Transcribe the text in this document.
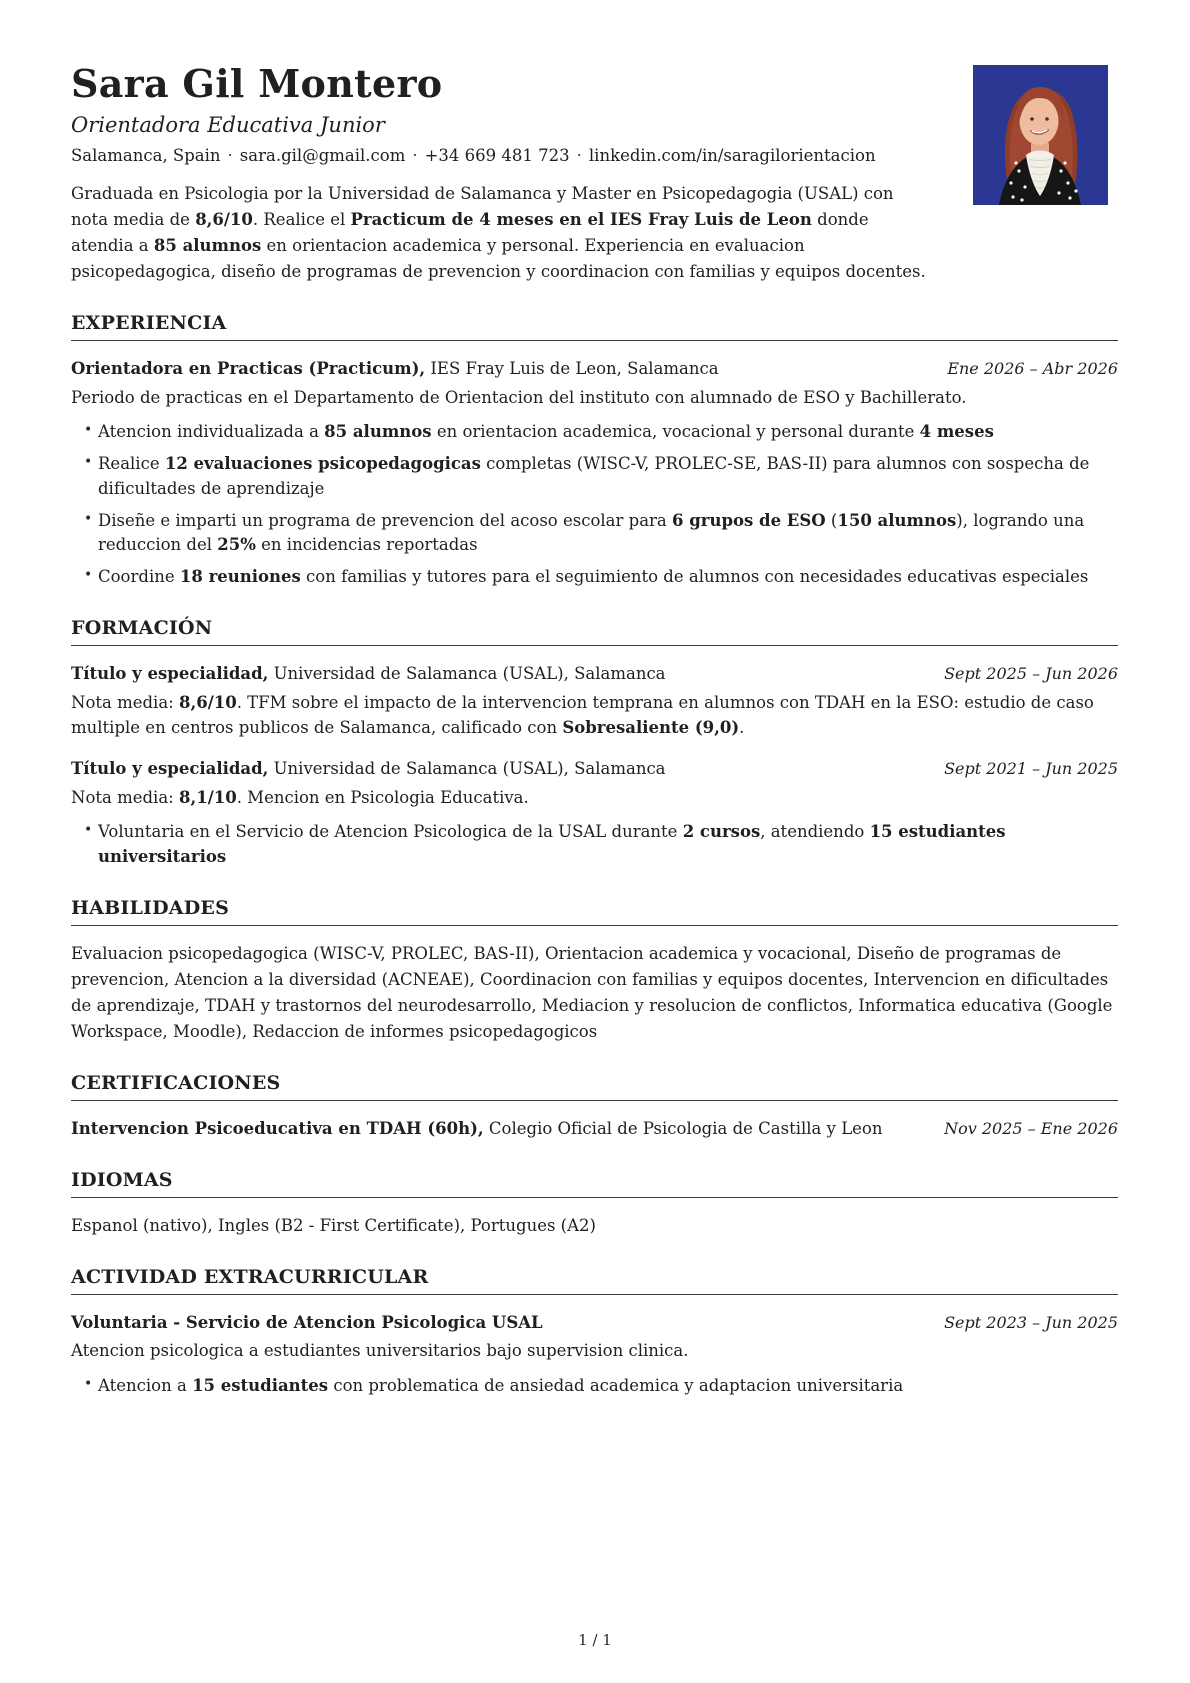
Sara Gil Montero
Orientadora Educativa Junior
Salamanca, Spain · sara.gil@gmail.com · +34 669 481 723 · linkedin.com/in/saragilorientacion

Graduada en Psicologia por la Universidad de Salamanca y Master en Psicopedagogia (USAL) con nota media de 8,6/10. Realice el Practicum de 4 meses en el IES Fray Luis de Leon donde atendia a 85 alumnos en orientacion academica y personal. Experiencia en evaluacion psicopedagogica, diseño de programas de prevencion y coordinacion con familias y equipos docentes.

EXPERIENCIA
Orientadora en Practicas (Practicum), IES Fray Luis de Leon, Salamanca	Ene 2026 – Abr 2026

Periodo de practicas en el Departamento de Orientacion del instituto con alumnado de ESO y Bachillerato.

• Atencion individualizada a 85 alumnos en orientacion academica, vocacional y personal durante 4 meses
• Realice 12 evaluaciones psicopedagogicas completas (WISC-V, PROLEC-SE, BAS-II) para alumnos con sospecha de dificultades de aprendizaje
• Diseñe e imparti un programa de prevencion del acoso escolar para 6 grupos de ESO (150 alumnos), logrando una reduccion del 25% en incidencias reportadas
• Coordine 18 reuniones con familias y tutores para el seguimiento de alumnos con necesidades educativas especiales
FORMACIÓN
Título y especialidad, Universidad de Salamanca (USAL), Salamanca	Sept 2025 – Jun 2026

Nota media: 8,6/10. TFM sobre el impacto de la intervencion temprana en alumnos con TDAH en la ESO: estudio de caso multiple en centros publicos de Salamanca, calificado con Sobresaliente (9,0).

Título y especialidad, Universidad de Salamanca (USAL), Salamanca	Sept 2021 – Jun 2025

Nota media: 8,1/10. Mencion en Psicologia Educativa.

• Voluntaria en el Servicio de Atencion Psicologica de la USAL durante 2 cursos, atendiendo 15 estudiantes universitarios
HABILIDADES

Evaluacion psicopedagogica (WISC-V, PROLEC, BAS-II), Orientacion academica y vocacional, Diseño de programas de prevencion, Atencion a la diversidad (ACNEAE), Coordinacion con familias y equipos docentes, Intervencion en dificultades de aprendizaje, TDAH y trastornos del neurodesarrollo, Mediacion y resolucion de conflictos, Informatica educativa (Google Workspace, Moodle), Redaccion de informes psicopedagogicos

CERTIFICACIONES
Intervencion Psicoeducativa en TDAH (60h), Colegio Oficial de Psicologia de Castilla y Leon	Nov 2025 – Ene 2026
IDIOMAS

Espanol (nativo), Ingles (B2 - First Certificate), Portugues (A2)

ACTIVIDAD EXTRACURRICULAR
Voluntaria - Servicio de Atencion Psicologica USAL	Sept 2023 – Jun 2025

Atencion psicologica a estudiantes universitarios bajo supervision clinica.

• Atencion a 15 estudiantes con problematica de ansiedad academica y adaptacion universitaria
1 / 1
